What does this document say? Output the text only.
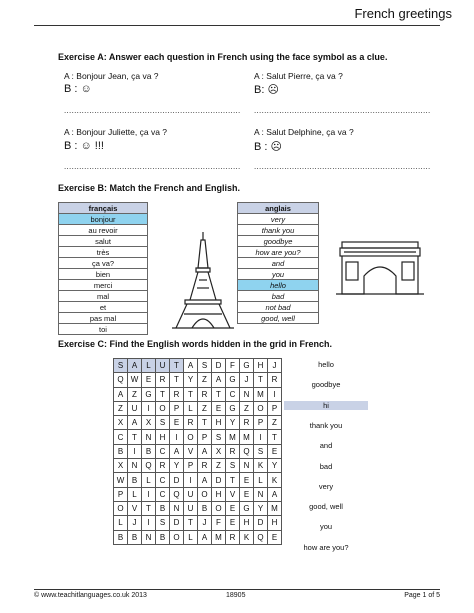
French greetings
Exercise A: Answer each question in French using the face symbol as a clue.
A : Bonjour Jean, ça va ?	A : Salut Pierre, ça va ?
B : ☺	B: ☹
...................................................................... ......................................................................
A : Bonjour Juliette, ça va ?	A : Salut Delphine, ça va ?
B : ☺ !!!	B : ☹
...................................................................... ......................................................................
Exercise B: Match the French and English.
français
bonjour
au revoir
salut
très
ça va?
bien
merci
mal
et
pas mal
toi
anglais
very
thank you
goodbye
how are you?
and
you
hello
bad
not bad
good, well
Exercise C: Find the English words hidden in the grid in French.
S	A	L	U	T	A	S	D	F	G	H	J
Q	W	E	R	T	Y	Z	A	G	J	T	R
A	Z	G	T	R	T	R	T	C	N	M	I
Z	U	I	O	P	L	Z	E	G	Z	O	P
X	A	X	S	E	R	T	H	Y	R	P	Z
C	T	N	H	I	O	P	S	M	M	I	T
B	I	B	C	A	V	A	X	R	Q	S	E
X	N	Q	R	Y	P	R	Z	S	N	K	Y
W	B	L	C	D	I	A	D	T	E	L	K
P	L	I	C	Q	U	O	H	V	E	N	A
O	V	T	B	N	U	B	O	E	G	Y	M
L	J	I	S	D	T	J	F	E	H	D	H
B	B	N	B	O	L	A	M	R	K	Q	E
hello
goodbye
hi
thank you
and
bad
very
good, well
you
how are you?
© www.teachitlanguages.co.uk 2013	18905	Page 1 of 5
